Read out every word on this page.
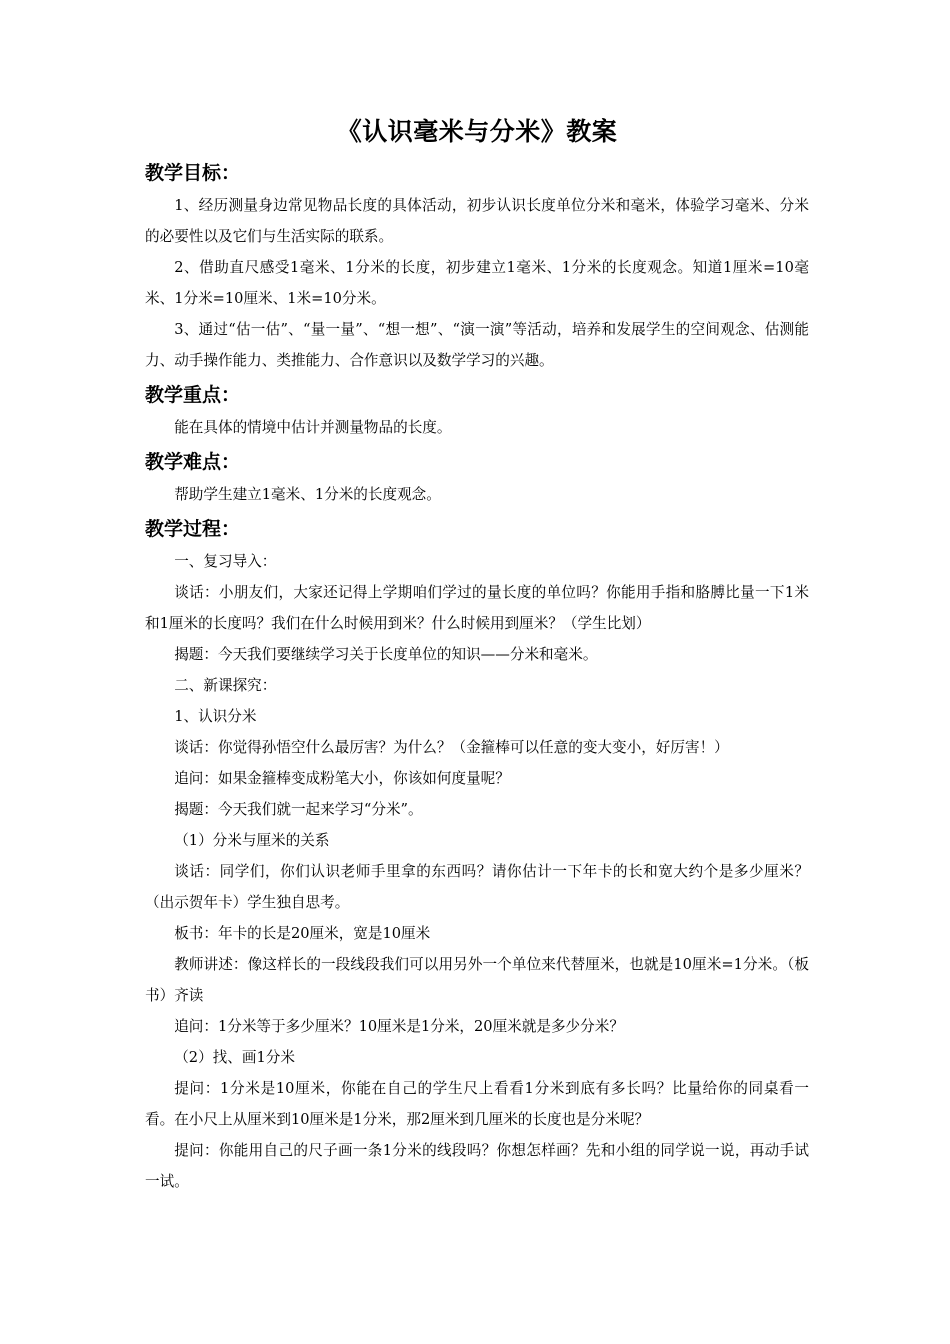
《认识毫米与分米》教案
教学目标：

1、经历测量身边常见物品长度的具体活动，初步认识长度单位分米和毫米，体验学习毫米、分米的必要性以及它们与生活实际的联系。

2、借助直尺感受1毫米、1分米的长度，初步建立1毫米、1分米的长度观念。知道1厘米=10毫米、1分米=10厘米、1米=10分米。

3、通过“估一估”、“量一量”、“想一想”、“演一演”等活动，培养和发展学生的空间观念、估测能力、动手操作能力、类推能力、合作意识以及数学学习的兴趣。

教学重点：

能在具体的情境中估计并测量物品的长度。

教学难点：

帮助学生建立1毫米、1分米的长度观念。

教学过程：

一、复习导入：

谈话：小朋友们，大家还记得上学期咱们学过的量长度的单位吗？你能用手指和胳膊比量一下1米和1厘米的长度吗？我们在什么时候用到米？什么时候用到厘米？（学生比划）

揭题：今天我们要继续学习关于长度单位的知识——分米和毫米。

二、新课探究：

1、认识分米

谈话：你觉得孙悟空什么最厉害？为什么？（金箍棒可以任意的变大变小，好厉害！）

追问：如果金箍棒变成粉笔大小，你该如何度量呢？

揭题：今天我们就一起来学习“分米”。

（1）分米与厘米的关系

谈话：同学们，你们认识老师手里拿的东西吗？请你估计一下年卡的长和宽大约个是多少厘米？（出示贺年卡）学生独自思考。

板书：年卡的长是20厘米，宽是10厘米

教师讲述：像这样长的一段线段我们可以用另外一个单位来代替厘米，也就是10厘米=1分米。（板书）齐读

追问：1分米等于多少厘米？10厘米是1分米，20厘米就是多少分米？

（2）找、画1分米

提问：1分米是10厘米，你能在自己的学生尺上看看1分米到底有多长吗？比量给你的同桌看一看。在小尺上从厘米到10厘米是1分米，那2厘米到几厘米的长度也是分米呢？

提问：你能用自己的尺子画一条1分米的线段吗？你想怎样画？先和小组的同学说一说，再动手试一试。
